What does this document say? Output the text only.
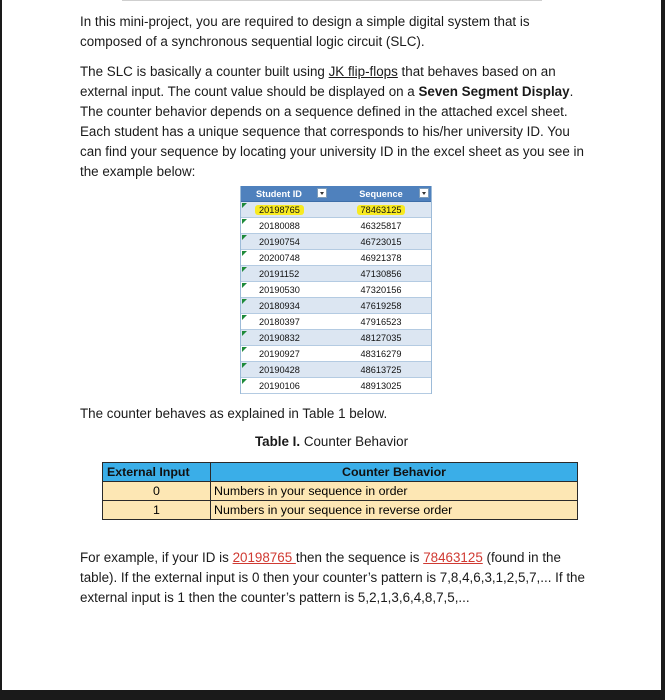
In this mini-project, you are required to design a simple digital system that is composed of a synchronous sequential logic circuit (SLC).

The SLC is basically a counter built using JK flip-flops that behaves based on an external input. The count value should be displayed on a Seven Segment Display. The counter behavior depends on a sequence defined in the attached excel sheet. Each student has a unique sequence that corresponds to his/her university ID. You can find your sequence by locating your university ID in the excel sheet as you see in the example below:

Student ID	Sequence
20198765	78463125
20180088	46325817
20190754	46723015
20200748	46921378
20191152	47130856
20190530	47320156
20180934	47619258
20180397	47916523
20190832	48127035
20190927	48316279
20190428	48613725
20190106	48913025
The counter behaves as explained in Table 1 below.
Table I. Counter Behavior
External Input	Counter Behavior
0	Numbers in your sequence in order
1	Numbers in your sequence in reverse order

For example, if your ID is 20198765 then the sequence is 78463125 (found in the table). If the external input is 0 then your counter’s pattern is 7,8,4,6,3,1,2,5,7,... If the external input is 1 then the counter’s pattern is 5,2,1,3,6,4,8,7,5,...
